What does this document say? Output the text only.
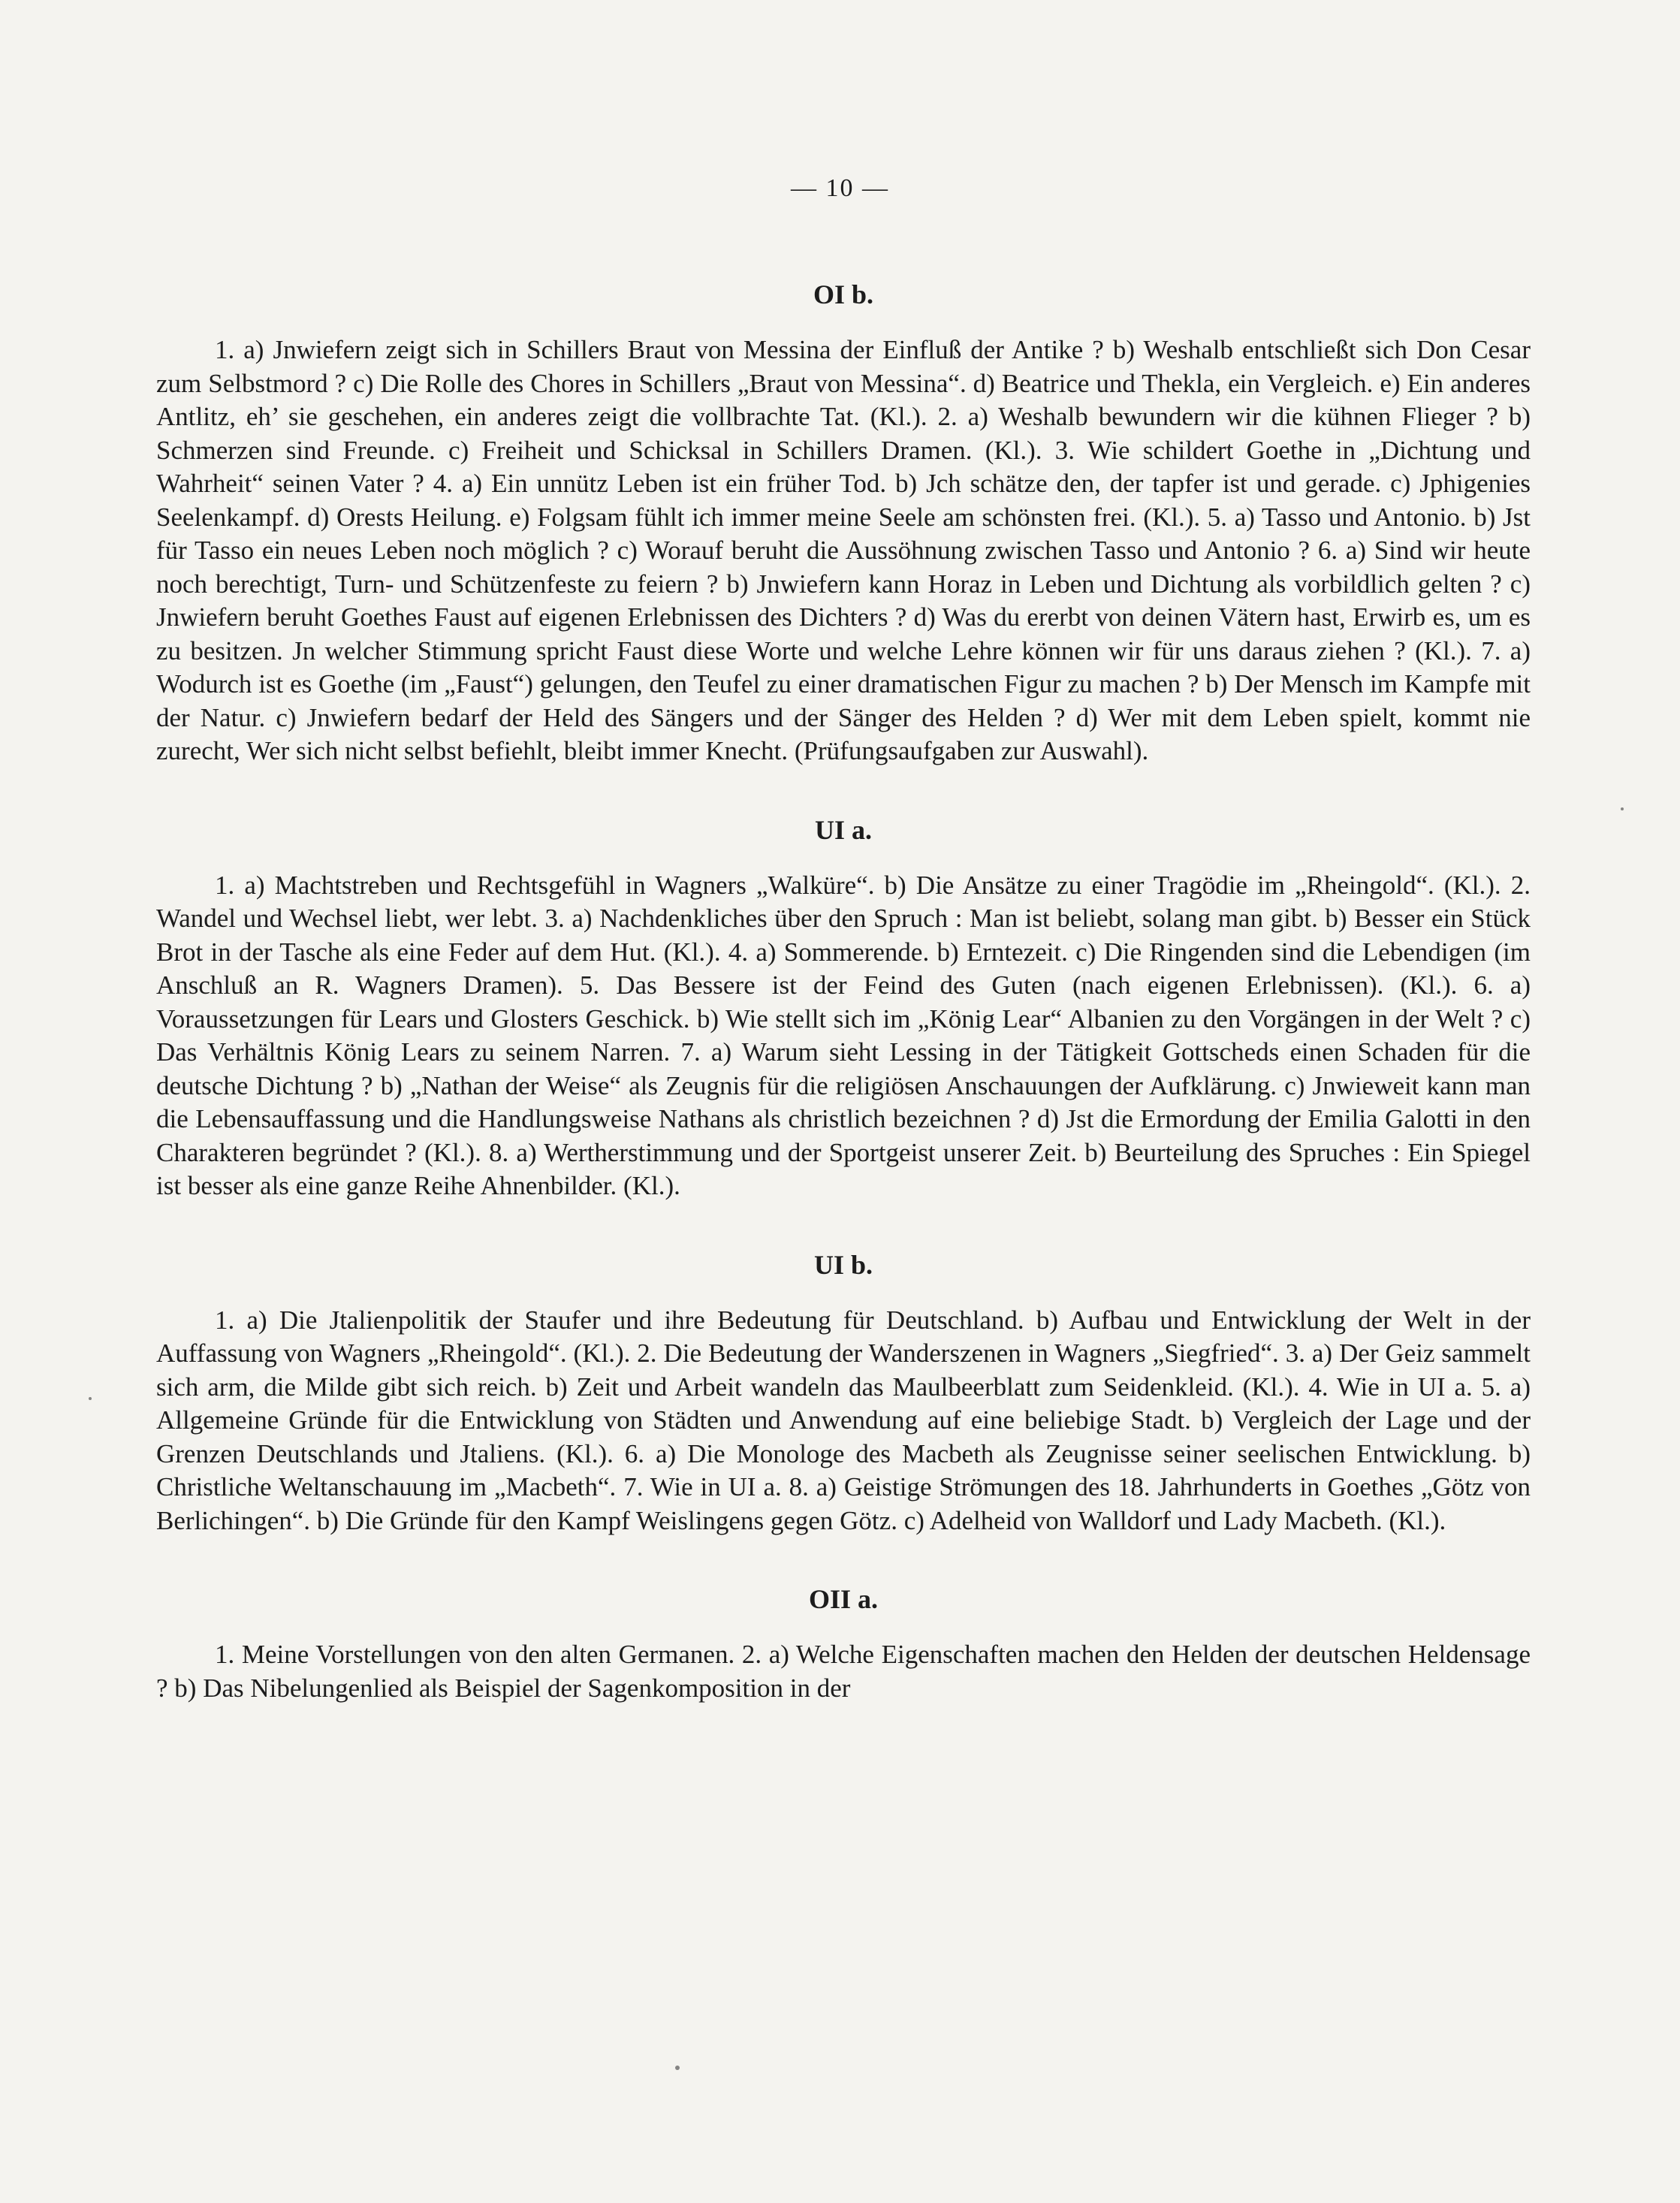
— 10 —
OI b.

1. a) Jnwiefern zeigt sich in Schillers Braut von Messina der Einfluß der Antike ? b) Weshalb entschließt sich Don Cesar zum Selbstmord ? c) Die Rolle des Chores in Schillers „Braut von Messina“. d) Beatrice und Thekla, ein Vergleich. e) Ein anderes Antlitz, eh’ sie geschehen, ein anderes zeigt die vollbrachte Tat. (Kl.). 2. a) Weshalb bewundern wir die kühnen Flieger ? b) Schmerzen sind Freunde. c) Freiheit und Schicksal in Schillers Dramen. (Kl.). 3. Wie schildert Goethe in „Dichtung und Wahrheit“ seinen Vater ? 4. a) Ein unnütz Leben ist ein früher Tod. b) Jch schätze den, der tapfer ist und gerade. c) Jphigenies Seelenkampf. d) Orests Heilung. e) Folgsam fühlt ich immer meine Seele am schönsten frei. (Kl.). 5. a) Tasso und Antonio. b) Jst für Tasso ein neues Leben noch möglich ? c) Worauf beruht die Aussöhnung zwischen Tasso und Antonio ? 6. a) Sind wir heute noch berechtigt, Turn- und Schützenfeste zu feiern ? b) Jnwiefern kann Horaz in Leben und Dichtung als vorbildlich gelten ? c) Jnwiefern beruht Goethes Faust auf eigenen Erlebnissen des Dichters ? d) Was du ererbt von deinen Vätern hast, Erwirb es, um es zu besitzen. Jn welcher Stimmung spricht Faust diese Worte und welche Lehre können wir für uns daraus ziehen ? (Kl.). 7. a) Wodurch ist es Goethe (im „Faust“) gelungen, den Teufel zu einer dramatischen Figur zu machen ? b) Der Mensch im Kampfe mit der Natur. c) Jnwiefern bedarf der Held des Sängers und der Sänger des Helden ? d) Wer mit dem Leben spielt, kommt nie zurecht, Wer sich nicht selbst befiehlt, bleibt immer Knecht. (Prüfungsaufgaben zur Auswahl).

UI a.

1. a) Machtstreben und Rechtsgefühl in Wagners „Walküre“. b) Die Ansätze zu einer Tragödie im „Rheingold“. (Kl.). 2. Wandel und Wechsel liebt, wer lebt. 3. a) Nachdenkliches über den Spruch : Man ist beliebt, solang man gibt. b) Besser ein Stück Brot in der Tasche als eine Feder auf dem Hut. (Kl.). 4. a) Sommerende. b) Erntezeit. c) Die Ringenden sind die Lebendigen (im Anschluß an R. Wagners Dramen). 5. Das Bessere ist der Feind des Guten (nach eigenen Erlebnissen). (Kl.). 6. a) Voraussetzungen für Lears und Glosters Geschick. b) Wie stellt sich im „König Lear“ Albanien zu den Vorgängen in der Welt ? c) Das Verhältnis König Lears zu seinem Narren. 7. a) Warum sieht Lessing in der Tätigkeit Gottscheds einen Schaden für die deutsche Dichtung ? b) „Nathan der Weise“ als Zeugnis für die religiösen Anschauungen der Aufklärung. c) Jnwieweit kann man die Lebensauffassung und die Handlungsweise Nathans als christlich bezeichnen ? d) Jst die Ermordung der Emilia Galotti in den Charakteren begründet ? (Kl.). 8. a) Wertherstimmung und der Sportgeist unserer Zeit. b) Beurteilung des Spruches : Ein Spiegel ist besser als eine ganze Reihe Ahnenbilder. (Kl.).

UI b.

1. a) Die Jtalienpolitik der Staufer und ihre Bedeutung für Deutschland. b) Aufbau und Entwicklung der Welt in der Auffassung von Wagners „Rheingold“. (Kl.). 2. Die Bedeutung der Wanderszenen in Wagners „Siegfried“. 3. a) Der Geiz sammelt sich arm, die Milde gibt sich reich. b) Zeit und Arbeit wandeln das Maulbeerblatt zum Seidenkleid. (Kl.). 4. Wie in UI a. 5. a) Allgemeine Gründe für die Entwicklung von Städten und Anwendung auf eine beliebige Stadt. b) Vergleich der Lage und der Grenzen Deutschlands und Jtaliens. (Kl.). 6. a) Die Monologe des Macbeth als Zeugnisse seiner seelischen Entwicklung. b) Christliche Weltanschauung im „Macbeth“. 7. Wie in UI a. 8. a) Geistige Strömungen des 18. Jahrhunderts in Goethes „Götz von Berlichingen“. b) Die Gründe für den Kampf Weislingens gegen Götz. c) Adelheid von Walldorf und Lady Macbeth. (Kl.).

OII a.

1. Meine Vorstellungen von den alten Germanen. 2. a) Welche Eigenschaften machen den Helden der deutschen Heldensage ? b) Das Nibelungenlied als Beispiel der Sagenkomposition in der
